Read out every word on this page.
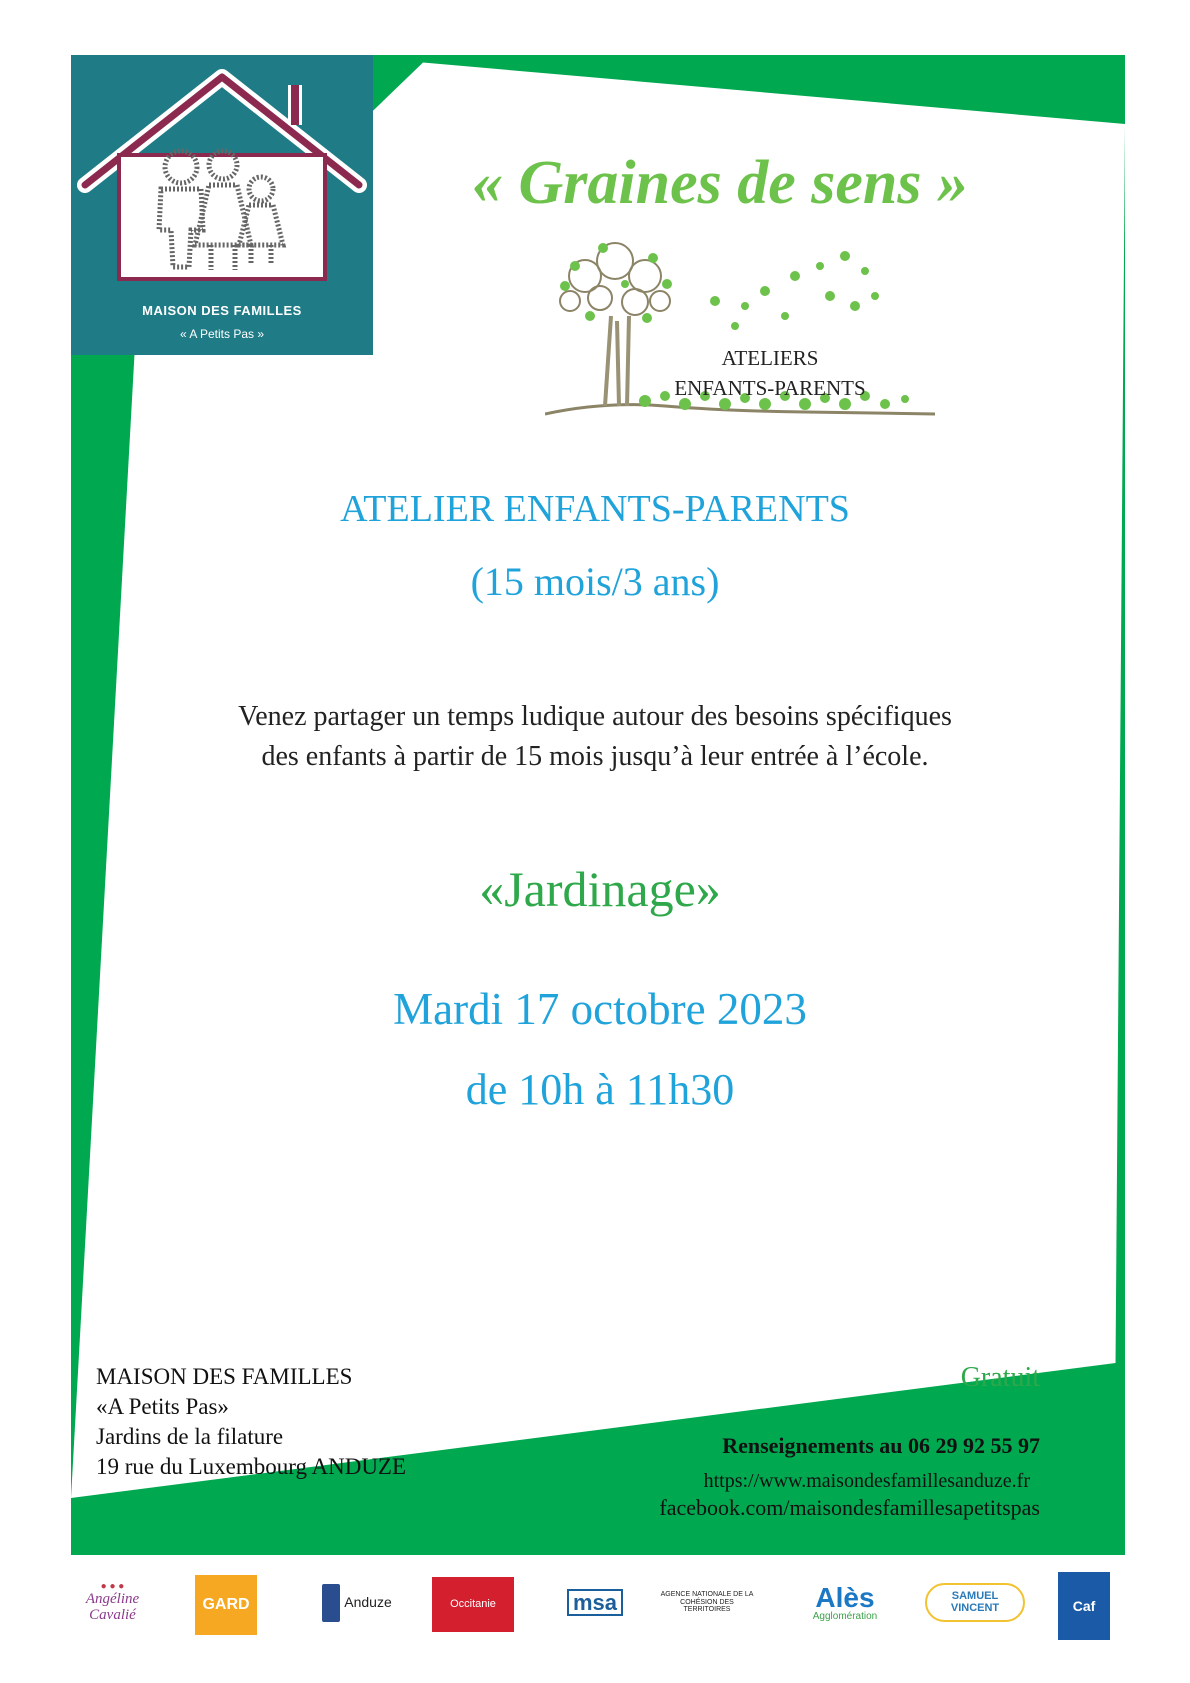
MAISON DES FAMILLES
« A Petits Pas »
« Graines de sens »
ATELIERS
ENFANTS-PARENTS
ATELIER ENFANTS-PARENTS
(15 mois/3 ans)
Venez partager un temps ludique autour des besoins spécifiques
des enfants à partir de 15 mois jusqu’à leur entrée à l’école.
«Jardinage»
Mardi 17 octobre 2023
de 10h à 11h30
MAISON DES FAMILLES
«A Petits Pas»
Jardins de la filature
19 rue du Luxembourg ANDUZE
Gratuit
Renseignements au 06 29 92 55 97
https://www.maisondesfamillesanduze.fr
facebook.com/maisondesfamillesapetitspas
● ● ●
Angéline Cavalié
GARD	Anduze	Occitanie	msa	AGENCE NATIONALE DE LA COHÉSION DES TERRITOIRES	Alès
Agglomération
SAMUEL VINCENT	Caf
